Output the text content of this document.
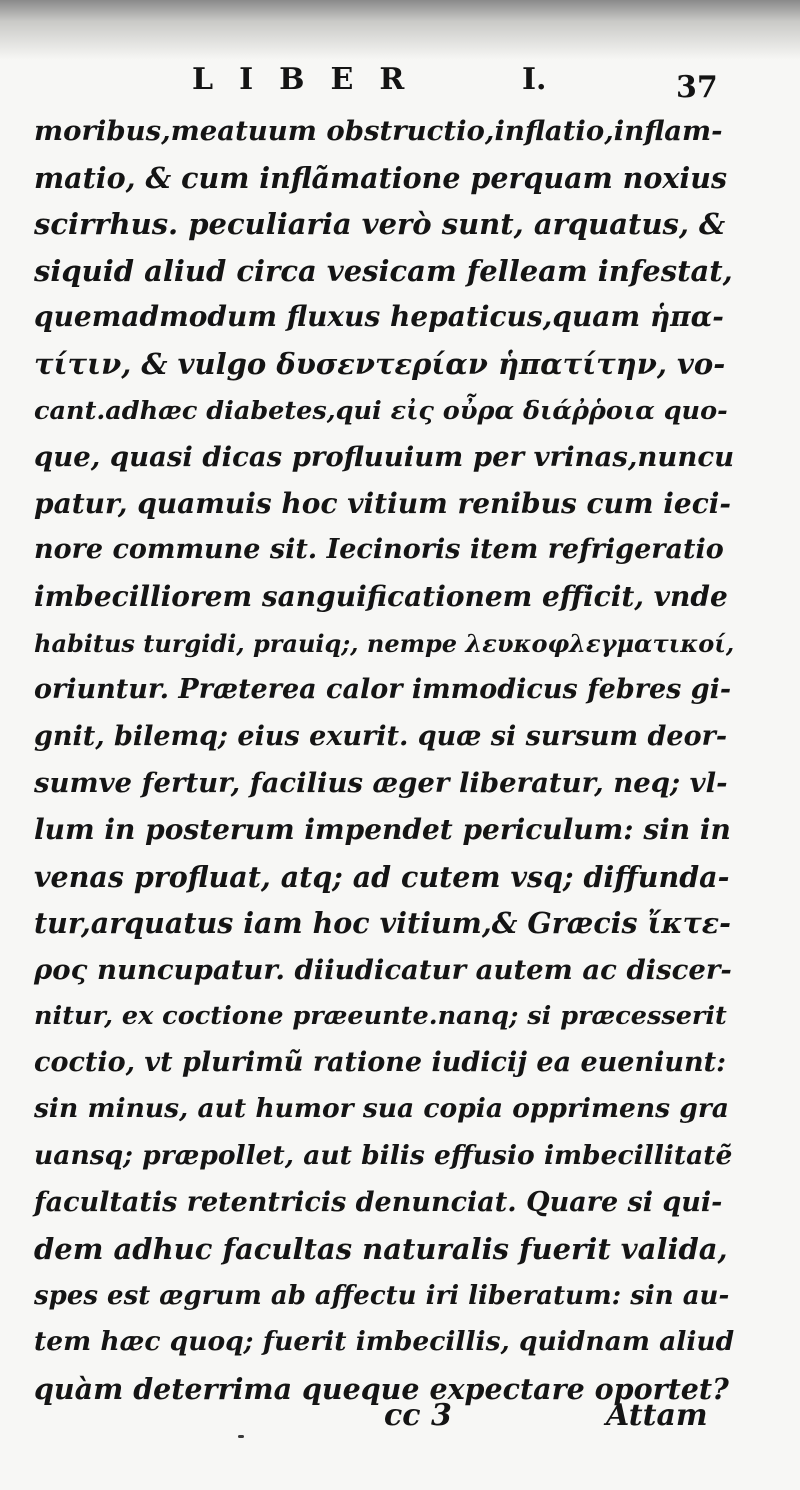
LIBER	I.	37
moribus,meatuum obstructio,inflatio,inflam-
matio, & cum inflãmatione perquam noxius
scirrhus. peculiaria verò sunt, arquatus, &
siquid aliud circa vesicam felleam infestat,
quemadmodum fluxus hepaticus,quam ἡπα-
τίτιν, & vulgo δυσεντερίαν ἡπατίτην, vo-
cant.adhæc diabetes,qui εἰς οὖρα διάῤῥοια quo-
que, quasi dicas profluuium per vrinas,nuncu
patur, quamuis hoc vitium renibus cum ieci-
nore commune sit. Iecinoris item refrigeratio
imbecilliorem sanguificationem efficit, vnde
habitus turgidi, prauiq;, nempe λευκοφλεγματικοί,
oriuntur. Præterea calor immodicus febres gi-
gnit, bilemq; eius exurit. quæ si sursum deor-
sumve fertur, facilius æger liberatur, neq; vl-
lum in posterum impendet periculum: sin in
venas profluat, atq; ad cutem vsq; diffunda-
tur,arquatus iam hoc vitium,& Græcis ἴκτε-
ρος nuncupatur. diiudicatur autem ac discer-
nitur, ex coctione præeunte.nanq; si præcesserit
coctio, vt plurimũ ratione iudicij ea eueniunt:
sin minus, aut humor sua copia opprimens gra
uansq; præpollet, aut bilis effusio imbecillitatẽ
facultatis retentricis denunciat. Quare si qui-
dem adhuc facultas naturalis fuerit valida,
spes est ægrum ab affectu iri liberatum: sin au-
tem hæc quoq; fuerit imbecillis, quidnam aliud
quàm deterrima queque expectare oportet?
cc 3	Attam
